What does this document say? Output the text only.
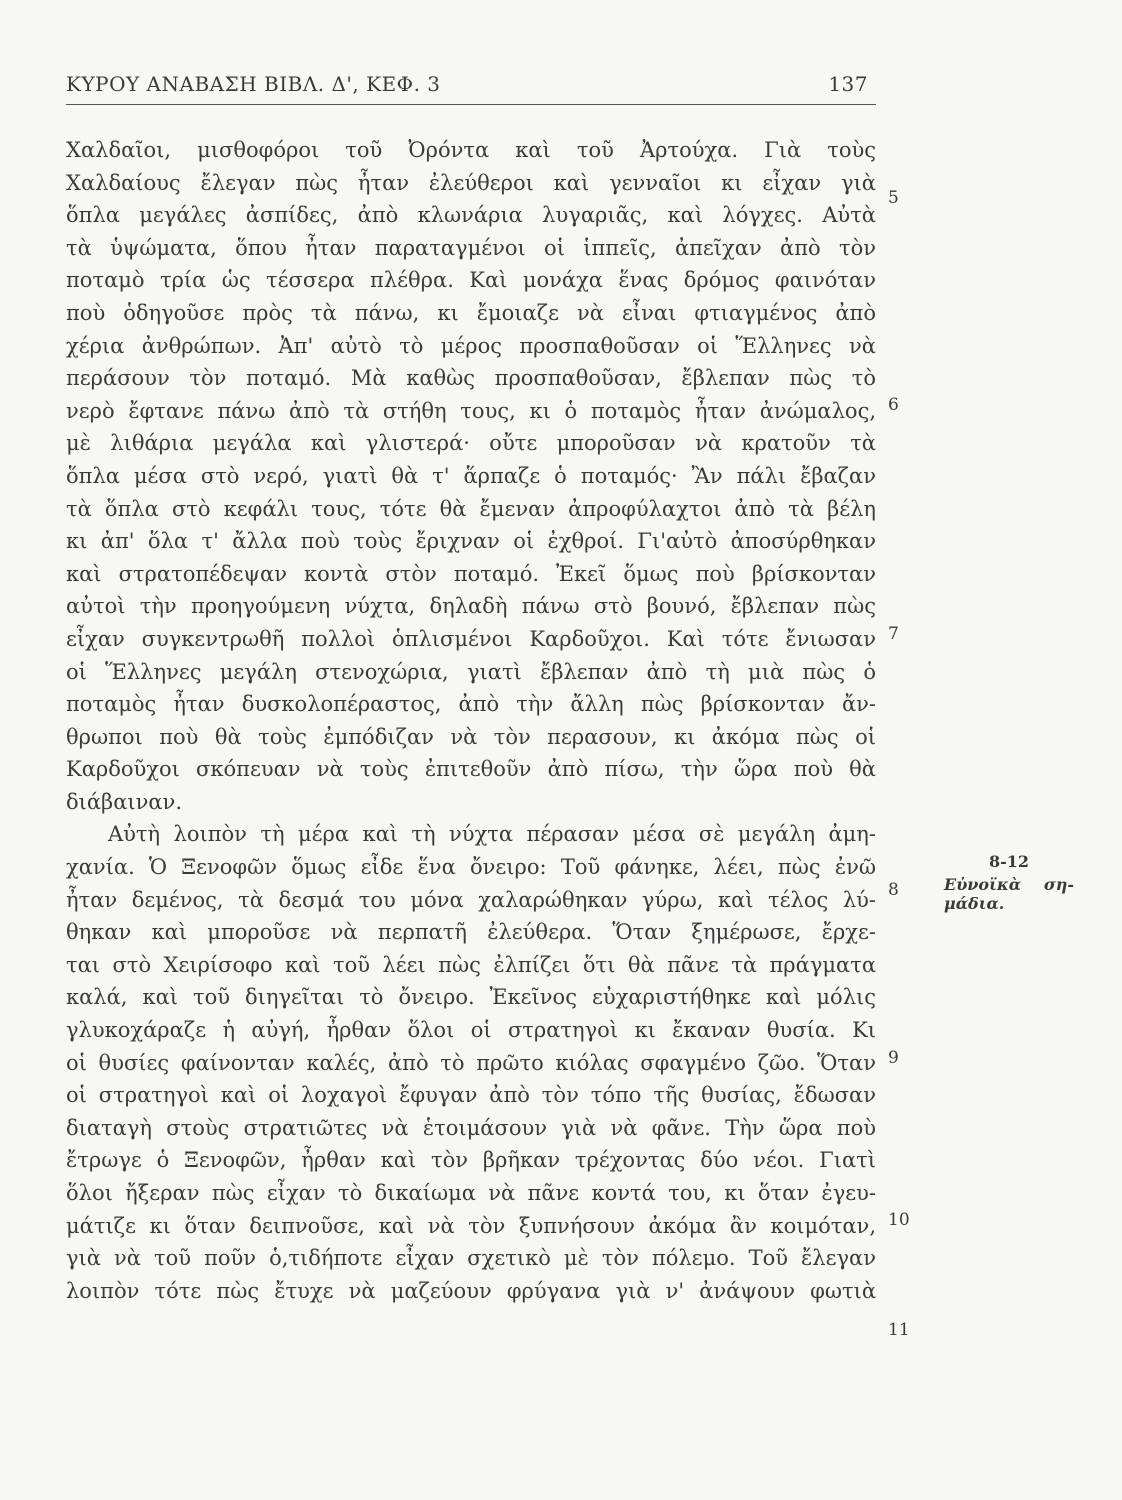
ΚΥΡΟΥ ΑΝΑΒΑΣΗ ΒΙΒΛ. Δ', ΚΕΦ. 3	137
Χαλδαῖοι, μισθοφόροι τοῦ Ὀρόντα καὶ τοῦ Ἀρτούχα. Γιὰ τοὺς
Χαλδαίους ἔλεγαν πὼς ἦταν ἐλεύθεροι καὶ γενναῖοι κι εἶχαν γιὰ
ὅπλα μεγάλες ἀσπίδες, ἀπὸ κλωνάρια λυγαριᾶς, καὶ λόγχες. Αὐτὰ
τὰ ὑψώματα, ὅπου ἦταν παραταγμένοι οἱ ἱππεῖς, ἀπεῖχαν ἀπὸ τὸν
ποταμὸ τρία ὡς τέσσερα πλέθρα. Καὶ μονάχα ἕνας δρόμος φαινόταν
ποὺ ὁδηγοῦσε πρὸς τὰ πάνω, κι ἔμοιαζε νὰ εἶναι φτιαγμένος ἀπὸ
χέρια ἀνθρώπων. Ἀπ' αὐτὸ τὸ μέρος προσπαθοῦσαν οἱ Ἕλληνες νὰ
περάσουν τὸν ποταμό. Μὰ καθὼς προσπαθοῦσαν, ἔβλεπαν πὼς τὸ
νερὸ ἔφτανε πάνω ἀπὸ τὰ στήθη τους, κι ὁ ποταμὸς ἦταν ἀνώμαλος,
μὲ λιθάρια μεγάλα καὶ γλιστερά· οὔτε μποροῦσαν νὰ κρατοῦν τὰ
ὅπλα μέσα στὸ νερό, γιατὶ θὰ τ' ἅρπαζε ὁ ποταμός· Ἂν πάλι ἔβαζαν
τὰ ὅπλα στὸ κεφάλι τους, τότε θὰ ἔμεναν ἀπροφύλαχτοι ἀπὸ τὰ βέλη
κι ἀπ' ὅλα τ' ἄλλα ποὺ τοὺς ἔριχναν οἱ ἐχθροί. Γι'αὐτὸ ἀποσύρθηκαν
καὶ στρατοπέδεψαν κοντὰ στὸν ποταμό. Ἐκεῖ ὅμως ποὺ βρίσκονταν
αὐτοὶ τὴν προηγούμενη νύχτα, δηλαδὴ πάνω στὸ βουνό, ἔβλεπαν πὼς
εἶχαν συγκεντρωθῆ πολλοὶ ὁπλισμένοι Καρδοῦχοι. Καὶ τότε ἔνιωσαν
οἱ Ἕλληνες μεγάλη στενοχώρια, γιατὶ ἔβλεπαν ἀπὸ τὴ μιὰ πὼς ὁ
ποταμὸς ἦταν δυσκολοπέραστος, ἀπὸ τὴν ἄλλη πὼς βρίσκονταν ἄν-
θρωποι ποὺ θὰ τοὺς ἐμπόδιζαν νὰ τὸν περασουν, κι ἀκόμα πὼς οἱ
Καρδοῦχοι σκόπευαν νὰ τοὺς ἐπιτεθοῦν ἀπὸ πίσω, τὴν ὥρα ποὺ θὰ
διάβαιναν.
Αὐτὴ λοιπὸν τὴ μέρα καὶ τὴ νύχτα πέρασαν μέσα σὲ μεγάλη ἀμη-
χανία. Ὁ Ξενοφῶν ὅμως εἶδε ἕνα ὄνειρο: Τοῦ φάνηκε, λέει, πὼς ἐνῶ
ἦταν δεμένος, τὰ δεσμά του μόνα χαλαρώθηκαν γύρω, καὶ τέλος λύ-
θηκαν καὶ μποροῦσε νὰ περπατῆ ἐλεύθερα. Ὅταν ξημέρωσε, ἔρχε-
ται στὸ Χειρίσοφο καὶ τοῦ λέει πὼς ἐλπίζει ὅτι θὰ πᾶνε τὰ πράγματα
καλά, καὶ τοῦ διηγεῖται τὸ ὄνειρο. Ἐκεῖνος εὐχαριστήθηκε καὶ μόλις
γλυκοχάραζε ἡ αὐγή, ἦρθαν ὅλοι οἱ στρατηγοὶ κι ἔκαναν θυσία. Κι
οἱ θυσίες φαίνονταν καλές, ἀπὸ τὸ πρῶτο κιόλας σφαγμένο ζῶο. Ὅταν
οἱ στρατηγοὶ καὶ οἱ λοχαγοὶ ἔφυγαν ἀπὸ τὸν τόπο τῆς θυσίας, ἔδωσαν
διαταγὴ στοὺς στρατιῶτες νὰ ἑτοιμάσουν γιὰ νὰ φᾶνε. Τὴν ὥρα ποὺ
ἔτρωγε ὁ Ξενοφῶν, ἦρθαν καὶ τὸν βρῆκαν τρέχοντας δύο νέοι. Γιατὶ
ὅλοι ἤξεραν πὼς εἶχαν τὸ δικαίωμα νὰ πᾶνε κοντά του, κι ὅταν ἐγευ-
μάτιζε κι ὅταν δειπνοῦσε, καὶ νὰ τὸν ξυπνήσουν ἀκόμα ἂν κοιμόταν,
γιὰ νὰ τοῦ ποῦν ὁ,τιδήποτε εἶχαν σχετικὸ μὲ τὸν πόλεμο. Τοῦ ἔλεγαν
λοιπὸν τότε πὼς ἔτυχε νὰ μαζεύουν φρύγανα γιὰ ν' ἀνάψουν φωτιὰ
5
6
7
8
9
10
11
8-12
Εὐνοϊκὰ ση-
μάδια.
